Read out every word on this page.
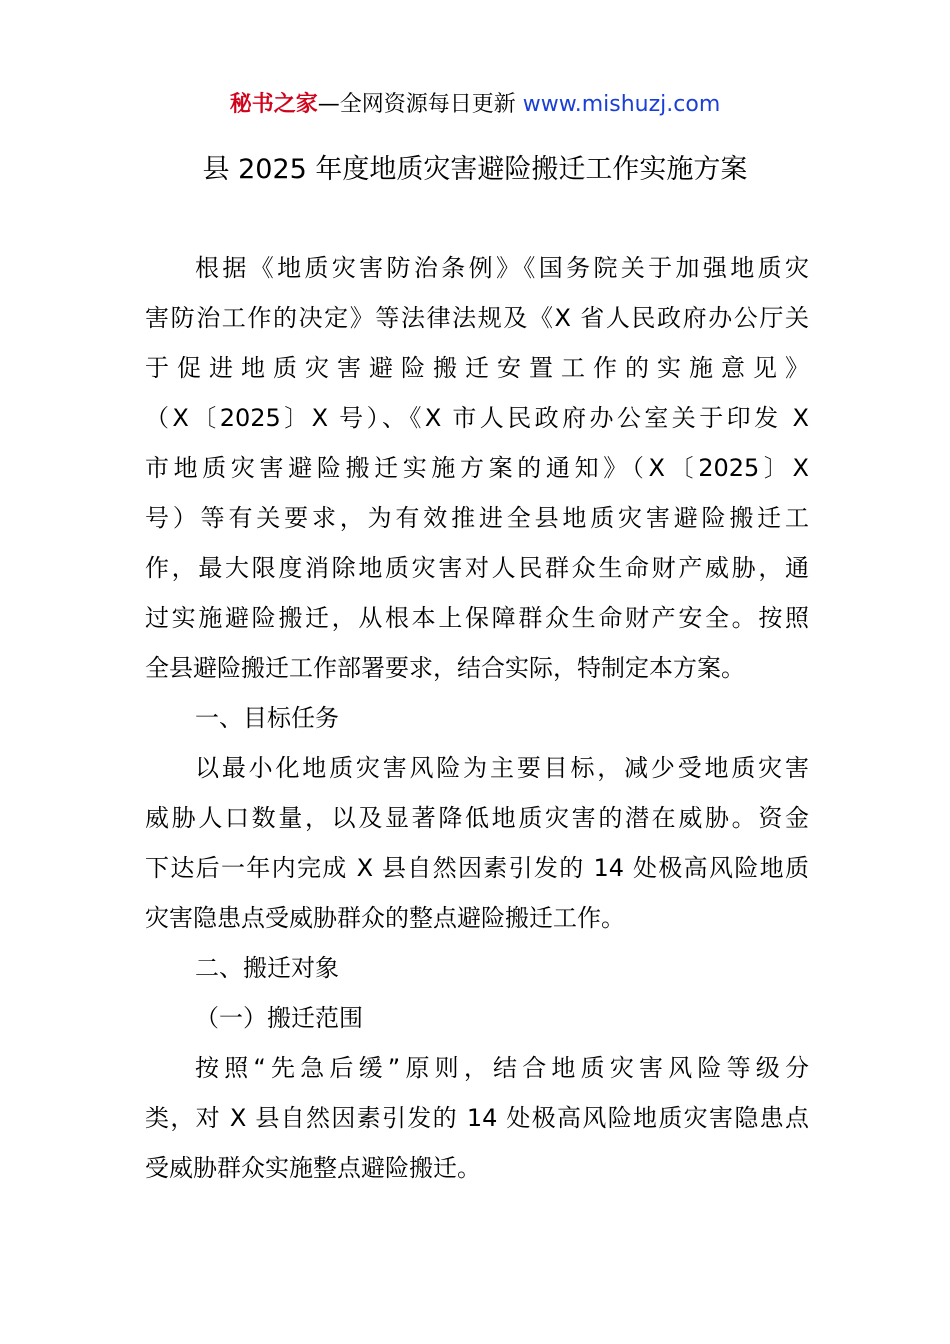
秘书之家—全网资源每日更新 www.mishuzj.com
县 2025 年度地质灾害避险搬迁工作实施方案
根据《地质灾害防治条例》《国务院关于加强地质灾
害防治工作的决定》等法律法规及《X 省人民政府办公厅关
于促进地质灾害避险搬迁安置工作的实施意见》
（X〔2025〕X 号）、《X 市人民政府办公室关于印发 X
市地质灾害避险搬迁实施方案的通知》（X〔2025〕X
号）等有关要求，为有效推进全县地质灾害避险搬迁工
作，最大限度消除地质灾害对人民群众生命财产威胁，通
过实施避险搬迁，从根本上保障群众生命财产安全。按照
全县避险搬迁工作部署要求，结合实际，特制定本方案。
一、目标任务
以最小化地质灾害风险为主要目标，减少受地质灾害
威胁人口数量，以及显著降低地质灾害的潜在威胁。资金
下达后一年内完成 X 县自然因素引发的 14 处极高风险地质
灾害隐患点受威胁群众的整点避险搬迁工作。
二、搬迁对象
（一）搬迁范围
按照“先急后缓”原则，结合地质灾害风险等级分
类，对 X 县自然因素引发的 14 处极高风险地质灾害隐患点
受威胁群众实施整点避险搬迁。
